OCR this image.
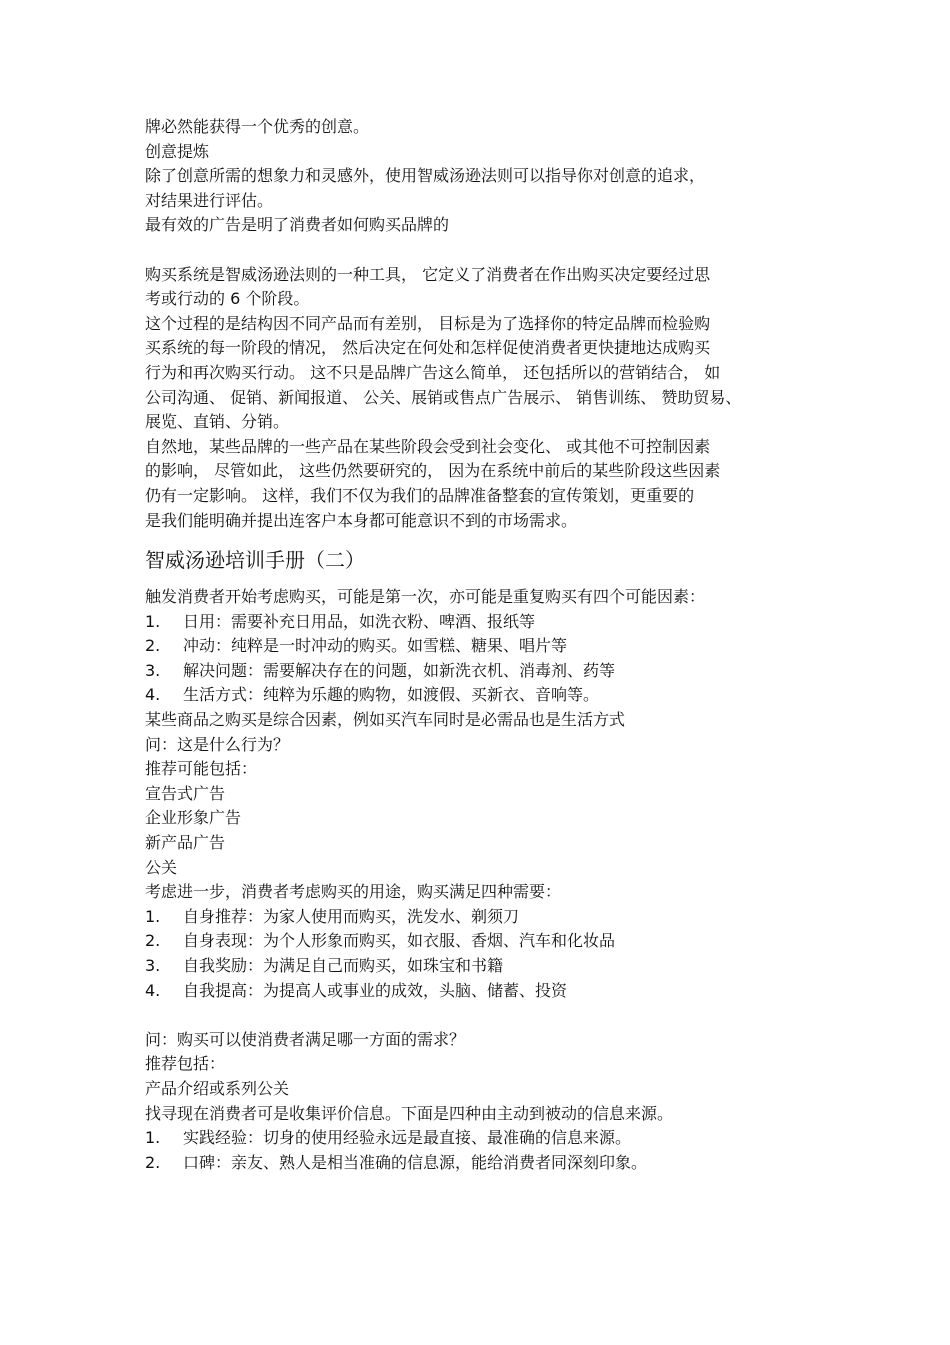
牌必然能获得一个优秀的创意。
创意提炼
除了创意所需的想象力和灵感外，使用智威汤逊法则可以指导你对创意的追求，
对结果进行评估。
最有效的广告是明了消费者如何购买品牌的
购买系统是智威汤逊法则的一种工具， 它定义了消费者在作出购买决定要经过思
考或行动的 6 个阶段。
这个过程的是结构因不同产品而有差别， 目标是为了选择你的特定品牌而检验购
买系统的每一阶段的情况， 然后决定在何处和怎样促使消费者更快捷地达成购买
行为和再次购买行动。 这不只是品牌广告这么简单， 还包括所以的营销结合， 如
公司沟通、 促销、新闻报道、 公关、展销或售点广告展示、 销售训练、 赞助贸易、
展览、直销、分销。
自然地，某些品牌的一些产品在某些阶段会受到社会变化、 或其他不可控制因素
的影响， 尽管如此， 这些仍然要研究的， 因为在系统中前后的某些阶段这些因素
仍有一定影响。 这样，我们不仅为我们的品牌准备整套的宣传策划，更重要的
是我们能明确并提出连客户本身都可能意识不到的市场需求。
智威汤逊培训手册（二）
触发消费者开始考虑购买，可能是第一次，亦可能是重复购买有四个可能因素：
1.	日用：需要补充日用品，如洗衣粉、啤酒、报纸等
2.	冲动：纯粹是一时冲动的购买。如雪糕、糖果、唱片等
3.	解决问题：需要解决存在的问题，如新洗衣机、消毒剂、药等
4.	生活方式：纯粹为乐趣的购物，如渡假、买新衣、音响等。
某些商品之购买是综合因素，例如买汽车同时是必需品也是生活方式
问：这是什么行为？
推荐可能包括：
宣告式广告
企业形象广告
新产品广告
公关
考虑进一步，消费者考虑购买的用途，购买满足四种需要：
1.	自身推荐：为家人使用而购买，洗发水、剃须刀
2.	自身表现：为个人形象而购买，如衣服、香烟、汽车和化妆品
3.	自我奖励：为满足自己而购买，如珠宝和书籍
4.	自我提高：为提高人或事业的成效，头脑、储蓄、投资
问：购买可以使消费者满足哪一方面的需求？
推荐包括：
产品介绍或系列公关
找寻现在消费者可是收集评价信息。下面是四种由主动到被动的信息来源。
1.	实践经验：切身的使用经验永远是最直接、最准确的信息来源。
2.	口碑：亲友、熟人是相当准确的信息源，能给消费者同深刻印象。
